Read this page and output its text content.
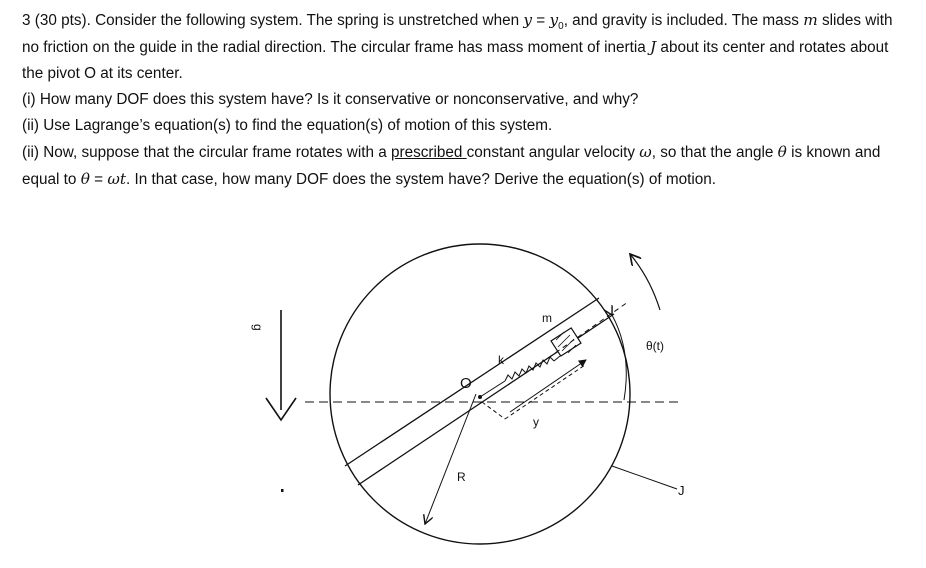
3 (30 pts). Consider the following system. The spring is unstretched when $y = y_0$, and gravity is included. The mass m slides with no friction on the guide in the radial direction. The circular frame has mass moment of inertia J about its center and rotates about the pivot O at its center.

(i) How many DOF does this system have? Is it conservative or nonconservative, and why?

(ii) Use Lagrange’s equation(s) to find the equation(s) of motion of this system.

(ii) Now, suppose that the circular frame rotates with a prescribed constant angular velocity ω, so that the angle θ is known and equal to θ = ωt. In that case, how many DOF does the system have? Derive the equation(s) of motion.

g
R
O
k
m
y
θ(t)
J
